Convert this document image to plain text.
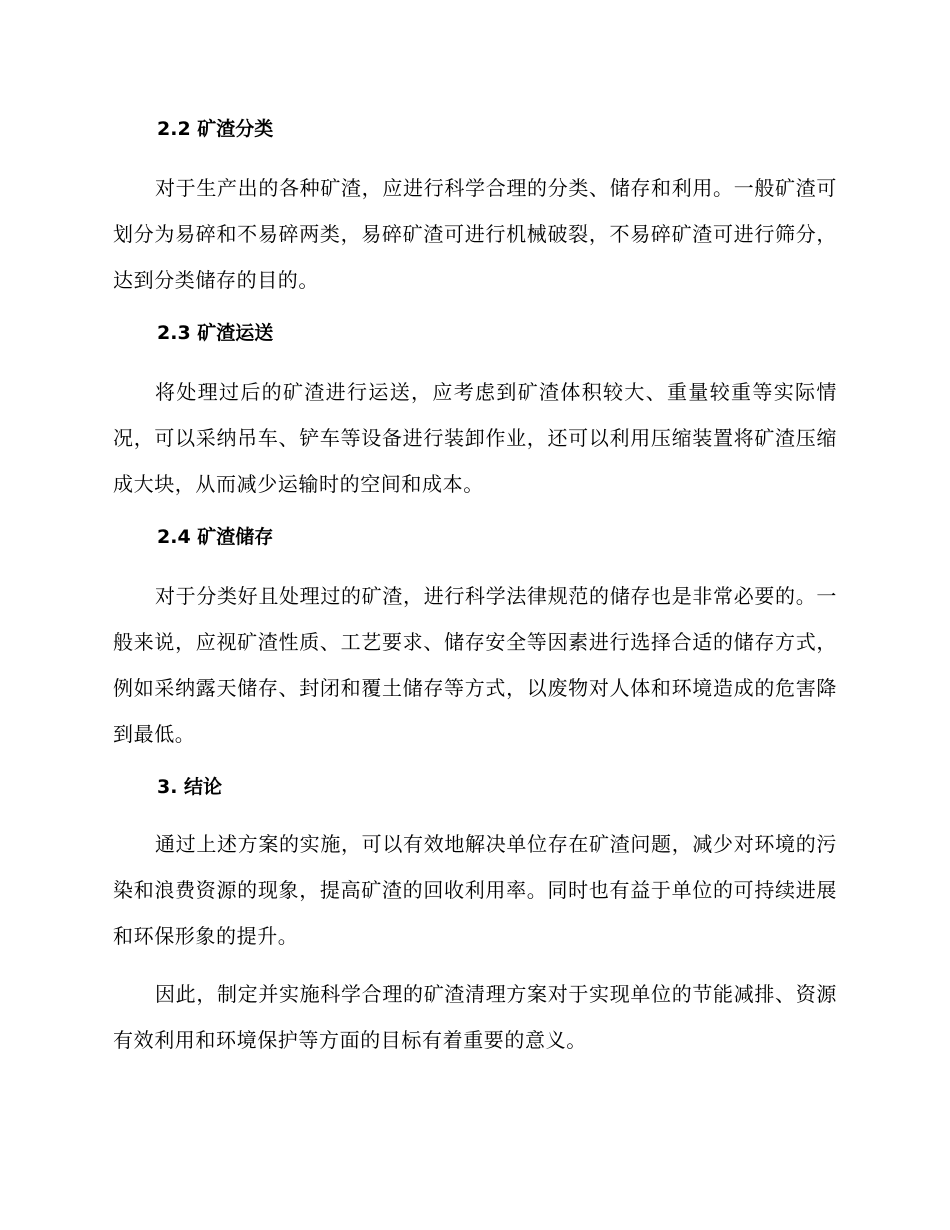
2.2 矿渣分类

对于生产出的各种矿渣，应进行科学合理的分类、储存和利用。一般矿渣可划分为易碎和不易碎两类，易碎矿渣可进行机械破裂，不易碎矿渣可进行筛分，达到分类储存的目的。

2.3 矿渣运送

将处理过后的矿渣进行运送，应考虑到矿渣体积较大、重量较重等实际情况，可以采纳吊车、铲车等设备进行装卸作业，还可以利用压缩装置将矿渣压缩成大块，从而减少运输时的空间和成本。

2.4 矿渣储存

对于分类好且处理过的矿渣，进行科学法律规范的储存也是非常必要的。一般来说，应视矿渣性质、工艺要求、储存安全等因素进行选择合适的储存方式，例如采纳露天储存、封闭和覆土储存等方式，以废物对人体和环境造成的危害降到最低。

3. 结论

通过上述方案的实施，可以有效地解决单位存在矿渣问题，减少对环境的污染和浪费资源的现象，提高矿渣的回收利用率。同时也有益于单位的可持续进展和环保形象的提升。

因此，制定并实施科学合理的矿渣清理方案对于实现单位的节能减排、资源有效利用和环境保护等方面的目标有着重要的意义。
